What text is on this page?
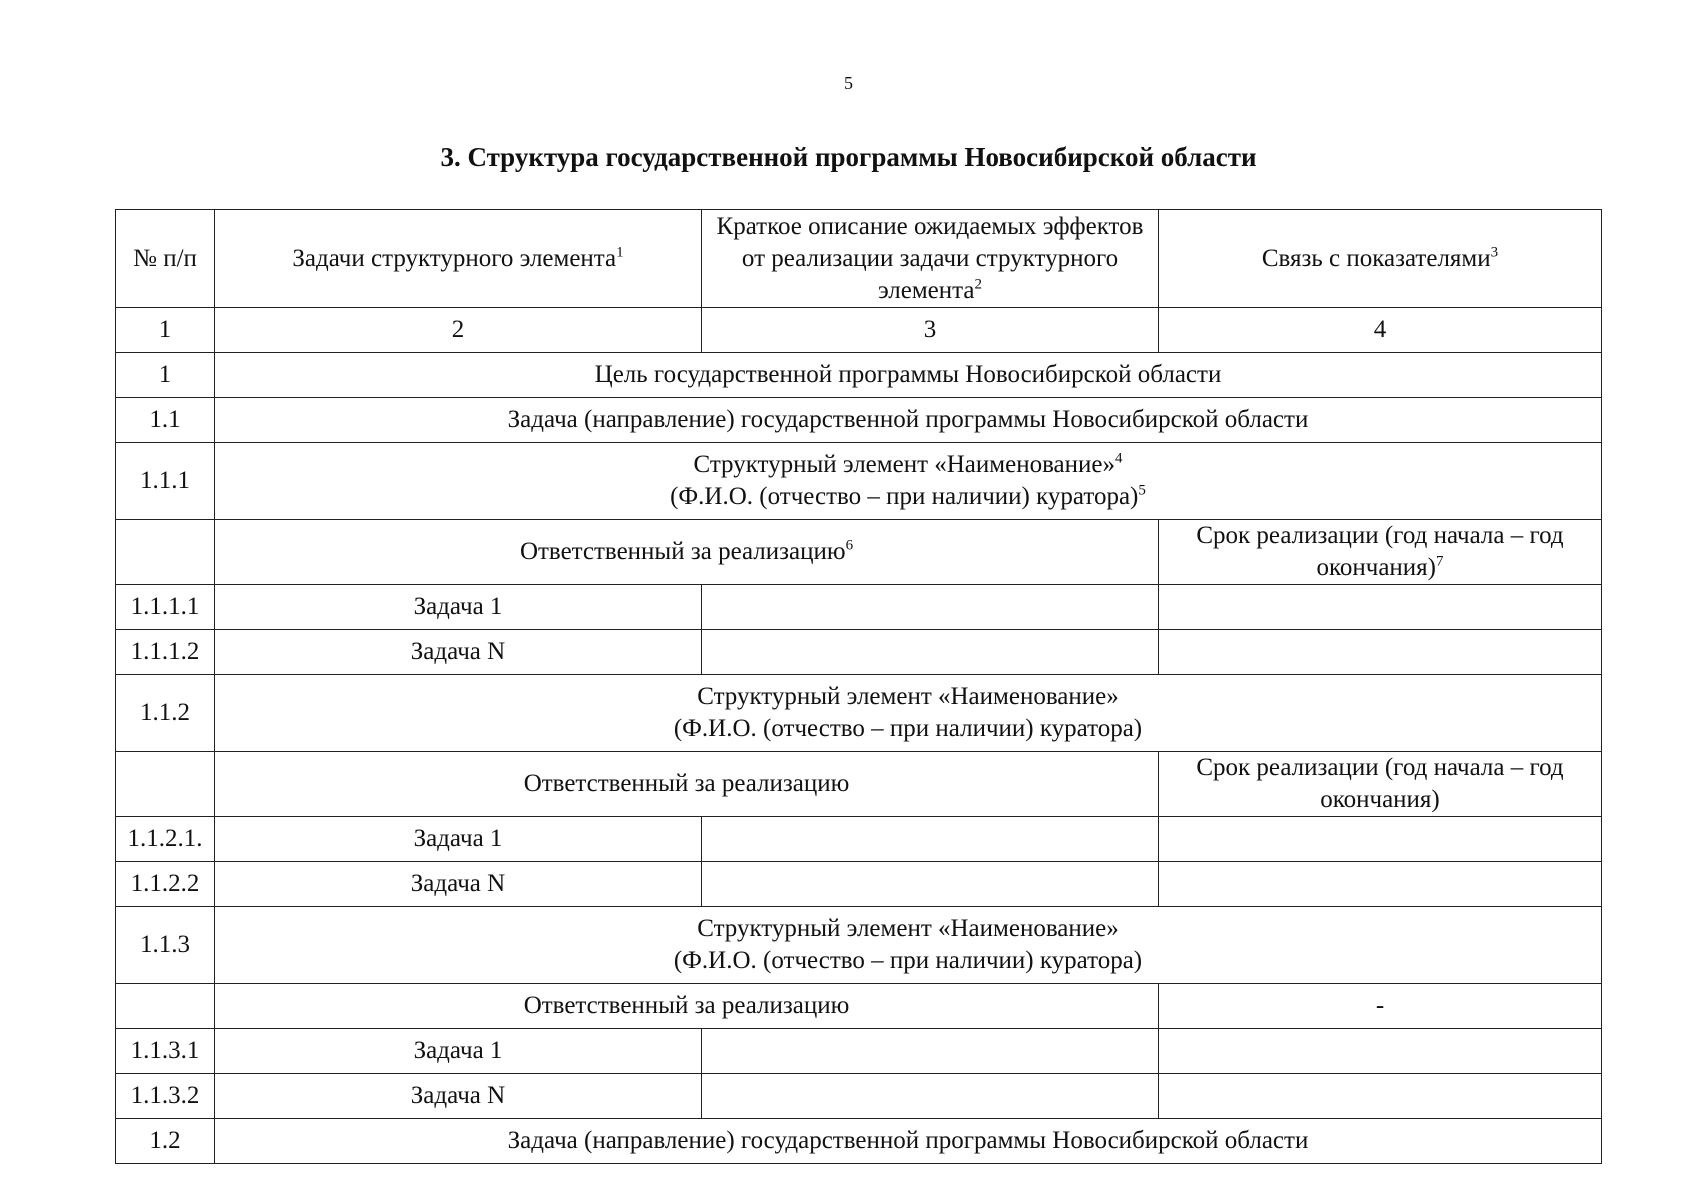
5
3. Структура государственной программы Новосибирской области
№ п/п	Задачи структурного элемента$^1$	Краткое описание ожидаемых эффектов от реализации задачи структурного элемента$^2$	Связь с показателями$^3$
1	2	3	4
1	Цель государственной программы Новосибирской области		
1.1	Задача (направление) государственной программы Новосибирской области		
1.1.1	Структурный элемент «Наименование»$^4$
(Ф.И.О. (отчество – при наличии) куратора)$^5$

	Ответственный за реализацию$^6$		Срок реализации (год начала – год окончания)$^7$
1.1.1.1	Задача 1		
1.1.1.2	Задача N		
1.1.2	Структурный элемент «Наименование»
(Ф.И.О. (отчество – при наличии) куратора)		

	Ответственный за реализацию		Срок реализации (год начала – год окончания)
1.1.2.1.	Задача 1		
1.1.2.2	Задача N		
1.1.3	Структурный элемент «Наименование»
(Ф.И.О. (отчество – при наличии) куратора)		

	Ответственный за реализацию		-
1.1.3.1	Задача 1		
1.1.3.2	Задача N		
1.2	Задача (направление) государственной программы Новосибирской области		
